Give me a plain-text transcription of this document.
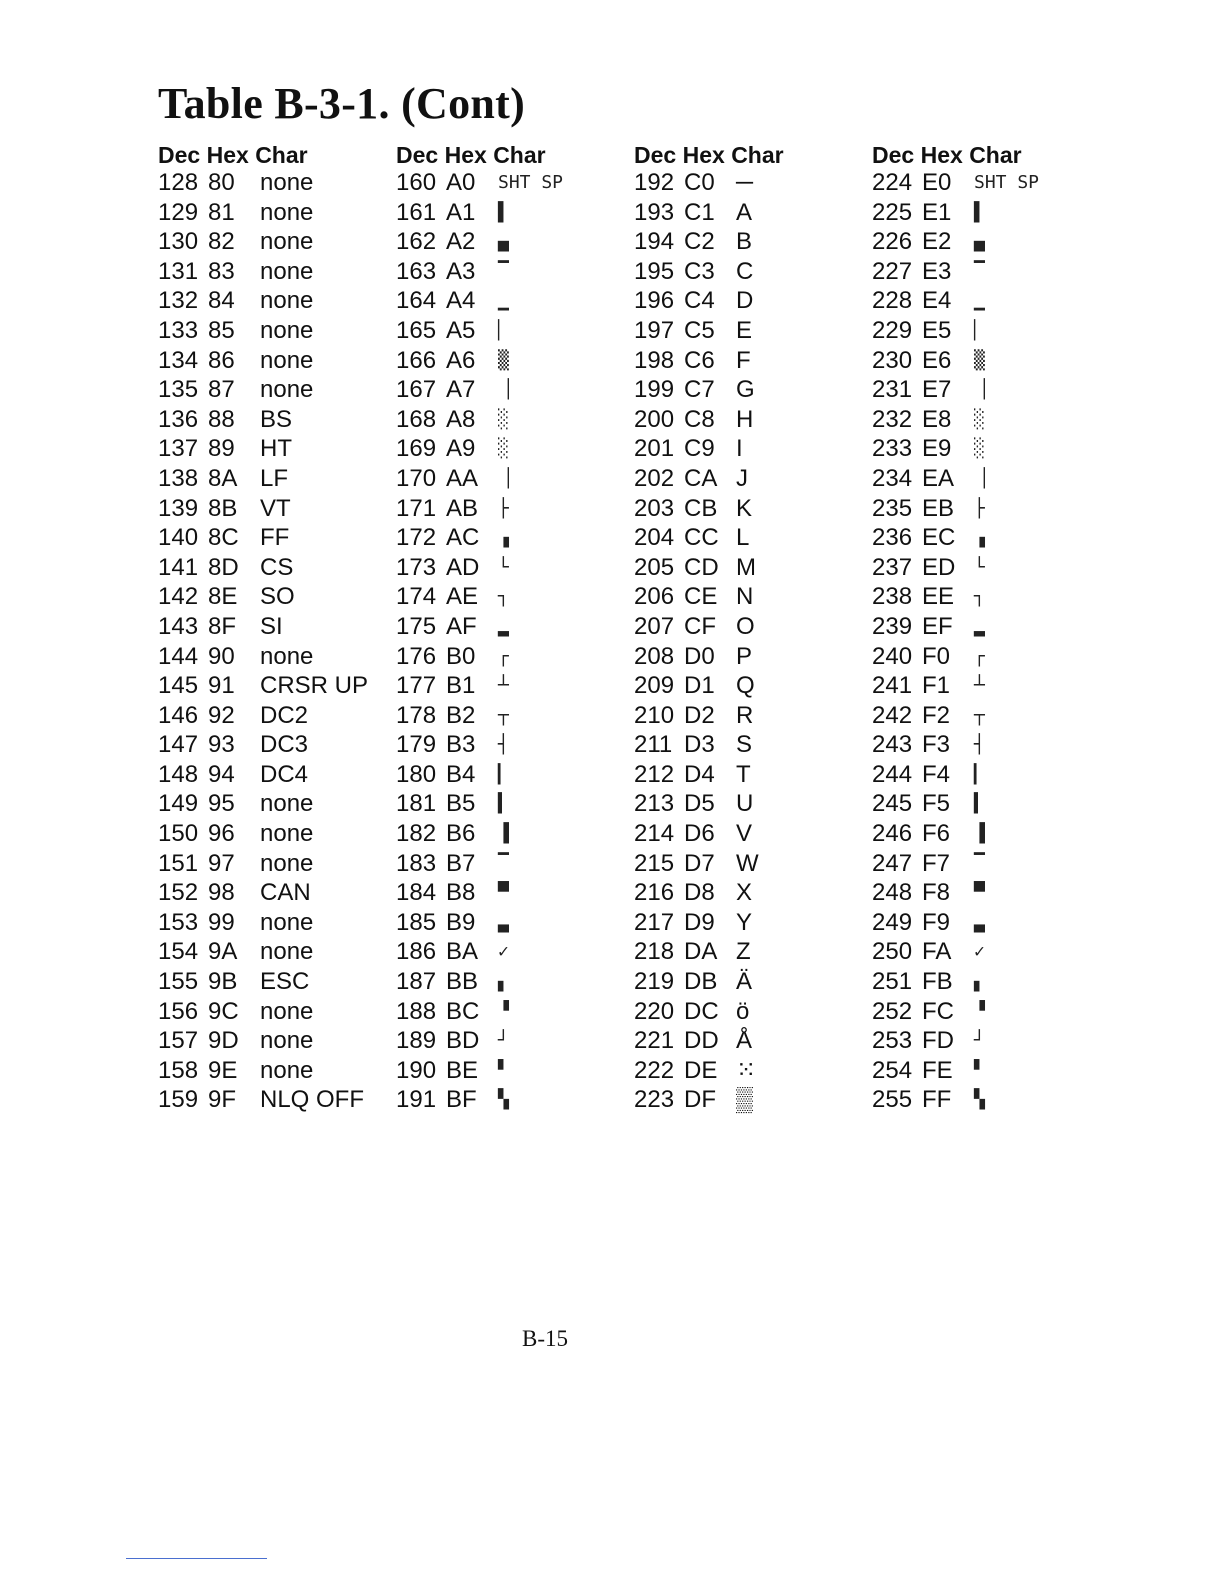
Table B-3-1. (Cont)
Dec Hex Char
128 80 none
129 81 none
130 82 none
131 83 none
132 84 none
133 85 none
134 86 none
135 87 none
136 88 BS
137 89 HT
138 8A LF
139 8B VT
140 8C FF
141 8D CS
142 8E SO
143 8F SI
144 90 none
145 91 CRSR UP
146 92 DC2
147 93 DC3
148 94 DC4
149 95 none
150 96 none
151 97 none
152 98 CAN
153 99 none
154 9A none
155 9B ESC
156 9C none
157 9D none
158 9E none
159 9F NLQ OFF
Dec Hex Char
160 A0 SHT SP
161 A1 ▌
162 A2 ▄
163 A3 ▔
164 A4 ▁
165 A5 ▏
166 A6 ▒
167 A7 ▕
168 A8 ░
169 A9 ░
170 AA ▕
171 AB ├
172 AC ▗
173 AD └
174 AE ┐
175 AF ▂
176 B0 ┌
177 B1 ┴
178 B2 ┬
179 B3 ┤
180 B4 ▎
181 B5 ▍
182 B6 ▐
183 B7 ▔
184 B8 ▀
185 B9 ▃
186 BA ✓
187 BB ▖
188 BC ▝
189 BD ┘
190 BE ▘
191 BF ▚
Dec Hex Char
192 C0 ─
193 C1 A
194 C2 B
195 C3 C
196 C4 D
197 C5 E
198 C6 F
199 C7 G
200 C8 H
201 C9 I
202 CA J
203 CB K
204 CC L
205 CD M
206 CE N
207 CF O
208 D0 P
209 D1 Q
210 D2 R
211 D3 S
212 D4 T
213 D5 U
214 D6 V
215 D7 W
216 D8 X
217 D9 Y
218 DA Z
219 DB Ä
220 DC ö
221 DD Å
222 DE ⁙
223 DF ▒
Dec Hex Char
224 E0 SHT SP
225 E1 ▌
226 E2 ▄
227 E3 ▔
228 E4 ▁
229 E5 ▏
230 E6 ▒
231 E7 ▕
232 E8 ░
233 E9 ░
234 EA ▕
235 EB ├
236 EC ▗
237 ED └
238 EE ┐
239 EF ▂
240 F0 ┌
241 F1 ┴
242 F2 ┬
243 F3 ┤
244 F4 ▎
245 F5 ▍
246 F6 ▐
247 F7 ▔
248 F8 ▀
249 F9 ▃
250 FA ✓
251 FB ▖
252 FC ▝
253 FD ┘
254 FE ▘
255 FF ▚
B-15
